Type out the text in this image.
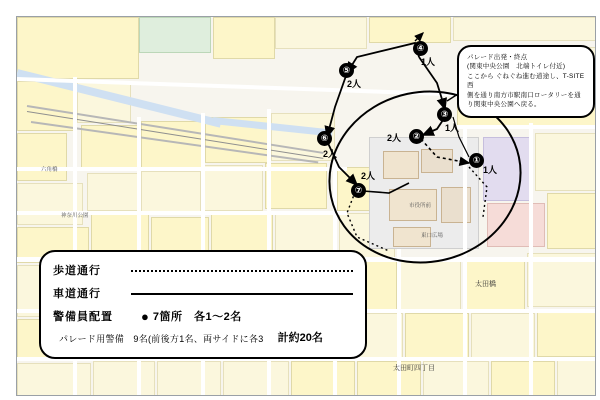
六角橋
神奈川公園
太田橋
太田町四丁目
市役所前
東口広場
①
1人
②
2人
③
1人
④
1人
⑤
2人
⑥
2人
⑦
2人
パレード出発・終点
(関東中央公園　北端トイレ付近)
ここから ぐねぐね進む道途し、T-SITE 西
側を通り南方市駅南口ロータリーを通
り関東中央公園へ戻る。
歩道通行
車道通行
警備員配置	● 7箇所　各1～2名
パレード用警備　9名(前後方1名、両サイドに各3 計約20名
